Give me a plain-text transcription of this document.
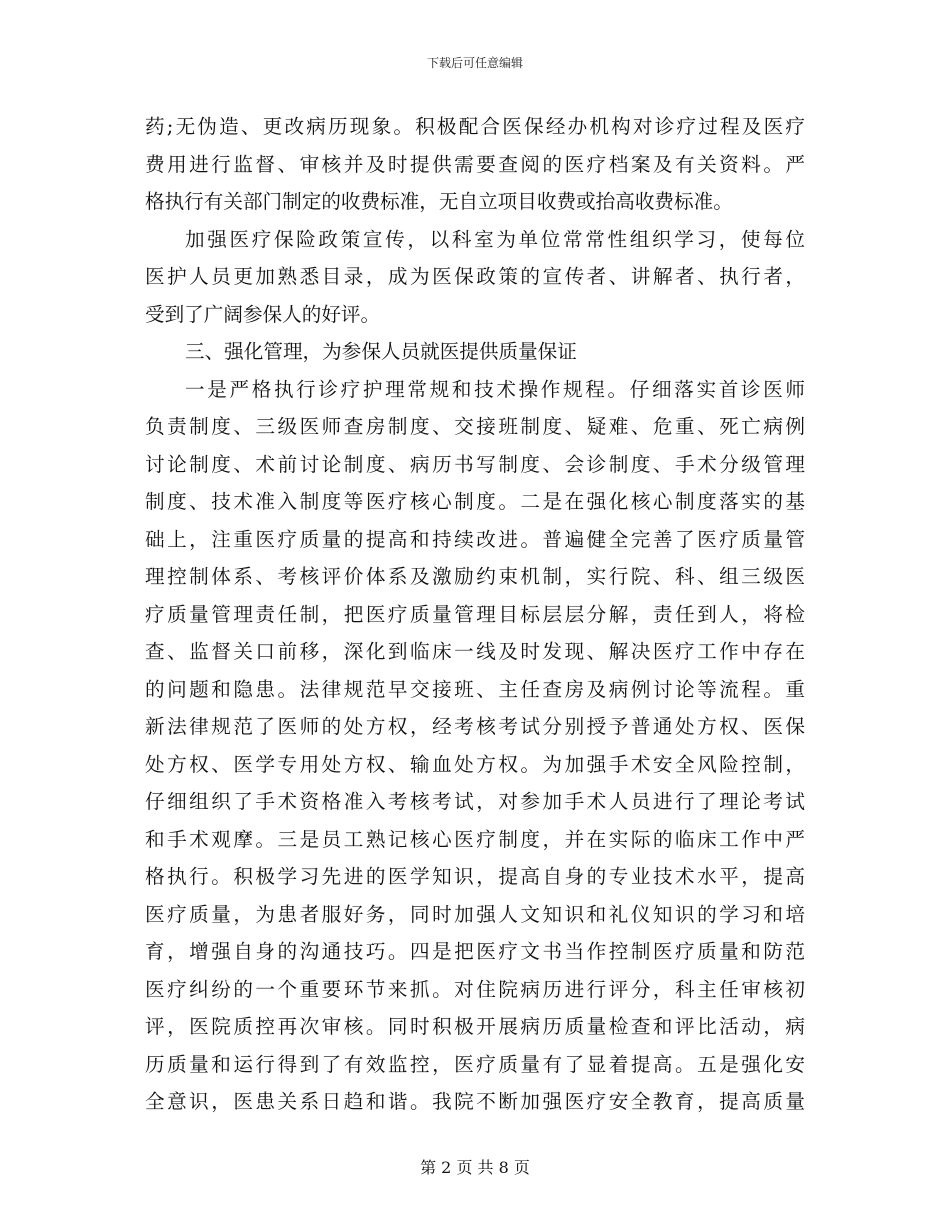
下载后可任意编辑
药;无伪造、更改病历现象。积极配合医保经办机构对诊疗过程及医疗
费用进行监督、审核并及时提供需要查阅的医疗档案及有关资料。严
格执行有关部门制定的收费标准，无自立项目收费或抬高收费标准。
加强医疗保险政策宣传，以科室为单位常常性组织学习，使每位
医护人员更加熟悉目录，成为医保政策的宣传者、讲解者、执行者，
受到了广阔参保人的好评。
三、强化管理，为参保人员就医提供质量保证
一是严格执行诊疗护理常规和技术操作规程。仔细落实首诊医师
负责制度、三级医师查房制度、交接班制度、疑难、危重、死亡病例
讨论制度、术前讨论制度、病历书写制度、会诊制度、手术分级管理
制度、技术准入制度等医疗核心制度。二是在强化核心制度落实的基
础上，注重医疗质量的提高和持续改进。普遍健全完善了医疗质量管
理控制体系、考核评价体系及激励约束机制，实行院、科、组三级医
疗质量管理责任制，把医疗质量管理目标层层分解，责任到人，将检
查、监督关口前移，深化到临床一线及时发现、解决医疗工作中存在
的问题和隐患。法律规范早交接班、主任查房及病例讨论等流程。重
新法律规范了医师的处方权，经考核考试分别授予普通处方权、医保
处方权、医学专用处方权、输血处方权。为加强手术安全风险控制，
仔细组织了手术资格准入考核考试，对参加手术人员进行了理论考试
和手术观摩。三是员工熟记核心医疗制度，并在实际的临床工作中严
格执行。积极学习先进的医学知识，提高自身的专业技术水平，提高
医疗质量，为患者服好务，同时加强人文知识和礼仪知识的学习和培
育，增强自身的沟通技巧。四是把医疗文书当作控制医疗质量和防范
医疗纠纷的一个重要环节来抓。对住院病历进行评分，科主任审核初
评，医院质控再次审核。同时积极开展病历质量检查和评比活动，病
历质量和运行得到了有效监控，医疗质量有了显着提高。五是强化安
全意识，医患关系日趋和谐。我院不断加强医疗安全教育，提高质量
第 2 页 共 8 页
